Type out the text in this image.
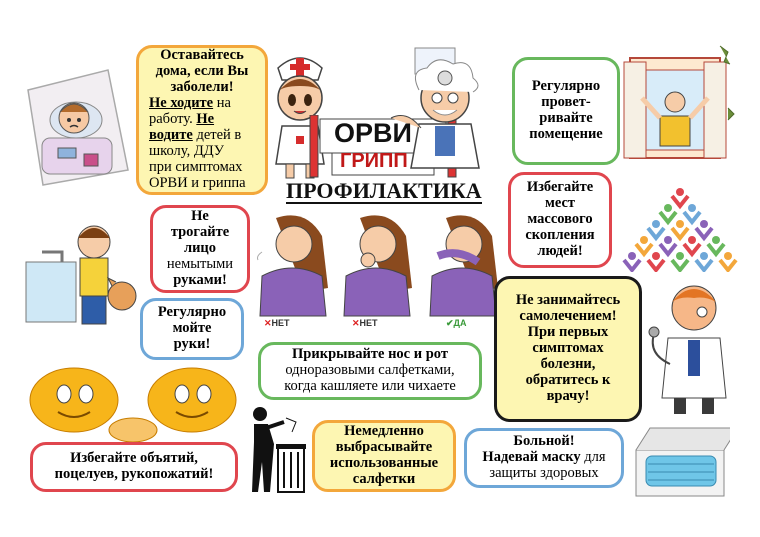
✕НЕТ	✕НЕТ	✔ДА
ОРВИ
ГРИПП
ПРОФИЛАКТИКА
Оставайтесь
дома, если Вы
заболели!
Не ходите на
работу. Не
водите детей в
школу, ДДУ
при симптомах
ОРВИ и гриппа
Регулярно
провет-
ривайте
помещение
Избегайте
мест
массового
скопления
людей!
Не
трогайте
лицо
немытыми
руками!
Регулярно
мойте
руки!
Прикрывайте нос и рот
одноразовыми салфетками,
когда кашляете или чихаете
Не занимайтесь
самолечением!
При первых
симптомах
болезни,
обратитесь к
врачу!
Избегайте объятий,
поцелуев, рукопожатий!
Немедленно
выбрасывайте
использованные
салфетки
Больной!
Надевай маску для
защиты здоровых
